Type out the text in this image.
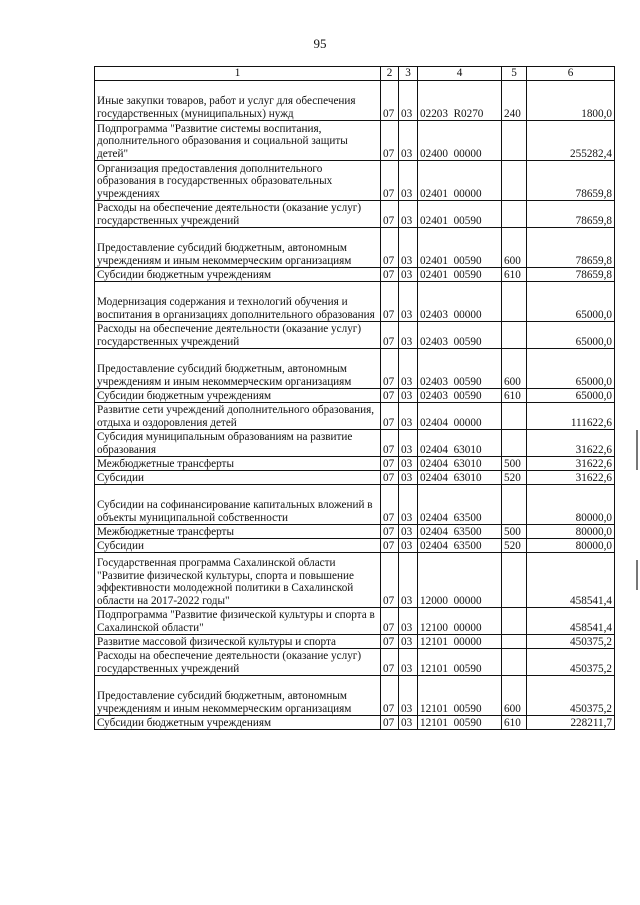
95
1	2	3	4	5	6
Иные закупки товаров, работ и услуг для обеспечения государственных (муниципальных) нужд	07	03	02203  R0270	240	1800,0
Подпрограмма "Развитие системы воспитания, дополнительного образования и социальной защиты детей"	07	03	02400  00000		255282,4
Организация предоставления дополнительного образования в государственных образовательных учреждениях	07	03	02401  00000		78659,8
Расходы на обеспечение деятельности (оказание услуг) государственных учреждений	07	03	02401  00590		78659,8
Предоставление субсидий бюджетным, автономным учреждениям и иным некоммерческим организациям	07	03	02401  00590	600	78659,8
Субсидии бюджетным учреждениям	07	03	02401  00590	610	78659,8
Модернизация содержания и технологий обучения и воспитания в организациях дополнительного образования	07	03	02403  00000		65000,0
Расходы на обеспечение деятельности (оказание услуг) государственных учреждений	07	03	02403  00590		65000,0
Предоставление субсидий бюджетным, автономным учреждениям и иным некоммерческим организациям	07	03	02403  00590	600	65000,0
Субсидии бюджетным учреждениям	07	03	02403  00590	610	65000,0
Развитие сети учреждений дополнительного образования, отдыха и оздоровления детей	07	03	02404  00000		111622,6
Субсидия муниципальным образованиям на развитие образования	07	03	02404  63010		31622,6
Межбюджетные трансферты	07	03	02404  63010	500	31622,6
Субсидии	07	03	02404  63010	520	31622,6
Субсидии на софинансирование капитальных вложений в объекты муниципальной собственности	07	03	02404  63500		80000,0
Межбюджетные трансферты	07	03	02404  63500	500	80000,0
Субсидии	07	03	02404  63500	520	80000,0
Государственная программа Сахалинской области "Развитие физической культуры, спорта и повышение эффективности молодежной политики в Сахалинской области на 2017-2022 годы"	07	03	12000  00000		458541,4
Подпрограмма "Развитие физической культуры и спорта в Сахалинской области"	07	03	12100  00000		458541,4
Развитие массовой физической культуры и спорта	07	03	12101  00000		450375,2
Расходы на обеспечение деятельности (оказание услуг) государственных учреждений	07	03	12101  00590		450375,2
Предоставление субсидий бюджетным, автономным учреждениям и иным некоммерческим организациям	07	03	12101  00590	600	450375,2
Субсидии бюджетным учреждениям	07	03	12101  00590	610	228211,7
